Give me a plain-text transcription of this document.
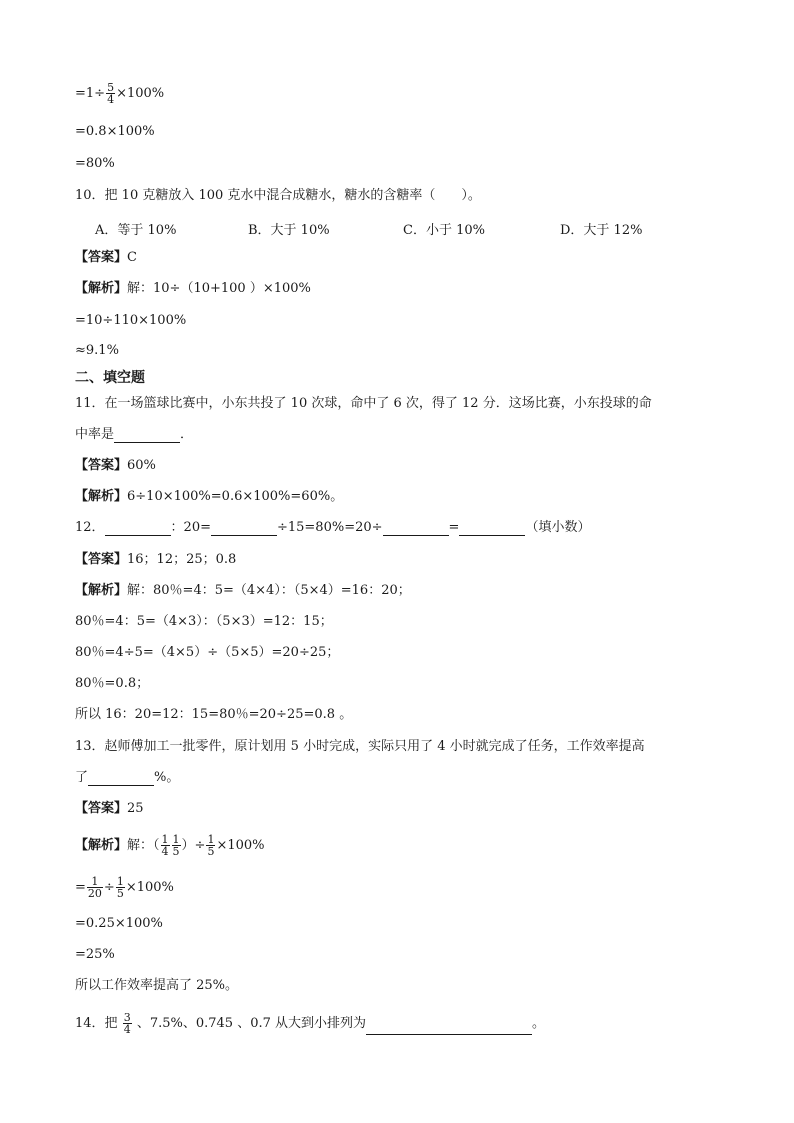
$=1\div \frac{5}{4} \times 100\%$
=0.8×100%
=80%
10．把 10 克糖放入 100 克水中混合成糖水，糖水的含糖率（　　）。
A．等于 10%	B．大于 10%	C．小于 10%	D．大于 12%
【答案】C
【解析】解：10÷（10+100 ）×100%
=10÷110×100%
≈9.1%
二、填空题
11．在一场篮球比赛中，小东共投了 10 次球，命中了 6 次，得了 12 分．这场比赛，小东投球的命
中率是	．
【答案】60%
【解析】6÷10×100%=0.6×100%=60%。
12．	：20=	÷15=80%=20÷	=	（填小数）
【答案】16；12；25；0.8
【解析】解：80％=4：5=（4×4）：（5×4）=16：20；
80％=4：5=（4×3）：（5×3）=12：15；
80％=4÷5=（4×5）÷（5×5）=20÷25；
80％=0.8；
所以 16：20=12：15=80％=20÷25=0.8 。
13．赵师傅加工一批零件，原计划用 5 小时完成，实际只用了 4 小时就完成了任务，工作效率提高
了	%。
【答案】25
【解析】解：（ $\frac{1}{4} \frac{1}{5}$ ）÷ $\frac{1}{5} \times 100\%$
= $\frac{1}{20} \div \frac{1}{5} \times 100\%$
=0.25×100%
=25%
所以工作效率提高了 25%。
14．把 $\frac{3}{4}$ 、7.5%、0.745 、0.7 从大到小排列为	。
